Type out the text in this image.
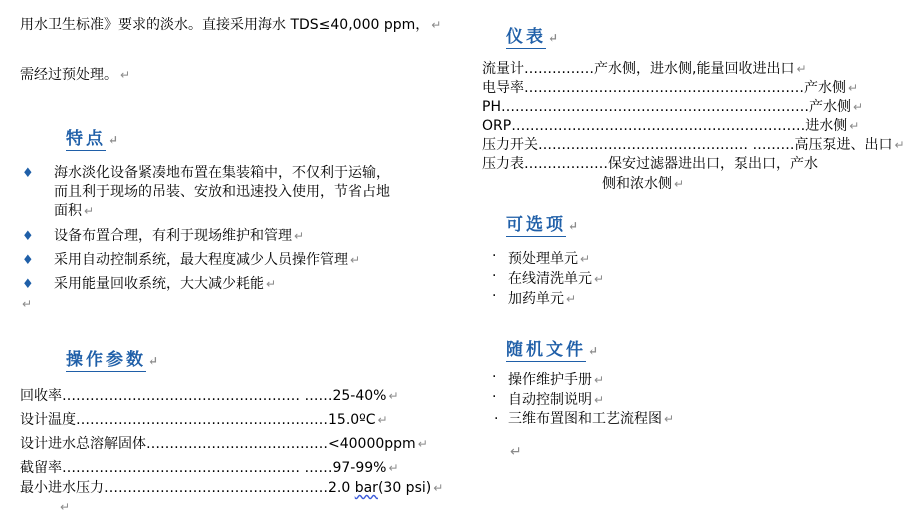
用水卫生标准》要求的淡水。直接采用海水 TDS≤40,000 ppm， ↵
需经过预处理。 ↵
特点 ↵
♦ 海水淡化设备紧凑地布置在集装箱中，不仅利于运输，
而且利于现场的吊装、安放和迅速投入使用，节省占地
面积 ↵
♦ 设备布置合理，有利于现场维护和管理 ↵
♦ 采用自动控制系统，最大程度减少人员操作管理 ↵
♦ 采用能量回收系统，大大减少耗能 ↵
↵
操作参数 ↵
回收率…………………………………………… ……25-40% ↵
设计温度………………………………………………15.0ºC ↵
设计进水总溶解固体…………………………………<40000ppm ↵
截留率…………………………………………… ……97-99% ↵
最小进水压力…………………………………………2.0 bar(30 psi) ↵
↵
仪表 ↵
流量计……………产水侧，进水侧,能量回收进出口 ↵
电导率……………………………………………………产水侧 ↵
PH…………………………………………………………产水侧 ↵
ORP………………………………………………………进水侧 ↵
压力开关……………………………………… ………高压泵进、出口 ↵
压力表………………保安过滤器进出口，泵出口，产水
侧和浓水侧 ↵
可选项 ↵
· 预处理单元 ↵
· 在线清洗单元 ↵
· 加药单元 ↵
随机文件 ↵
· 操作维护手册 ↵
· 自动控制说明 ↵
· 三维布置图和工艺流程图 ↵
↵
